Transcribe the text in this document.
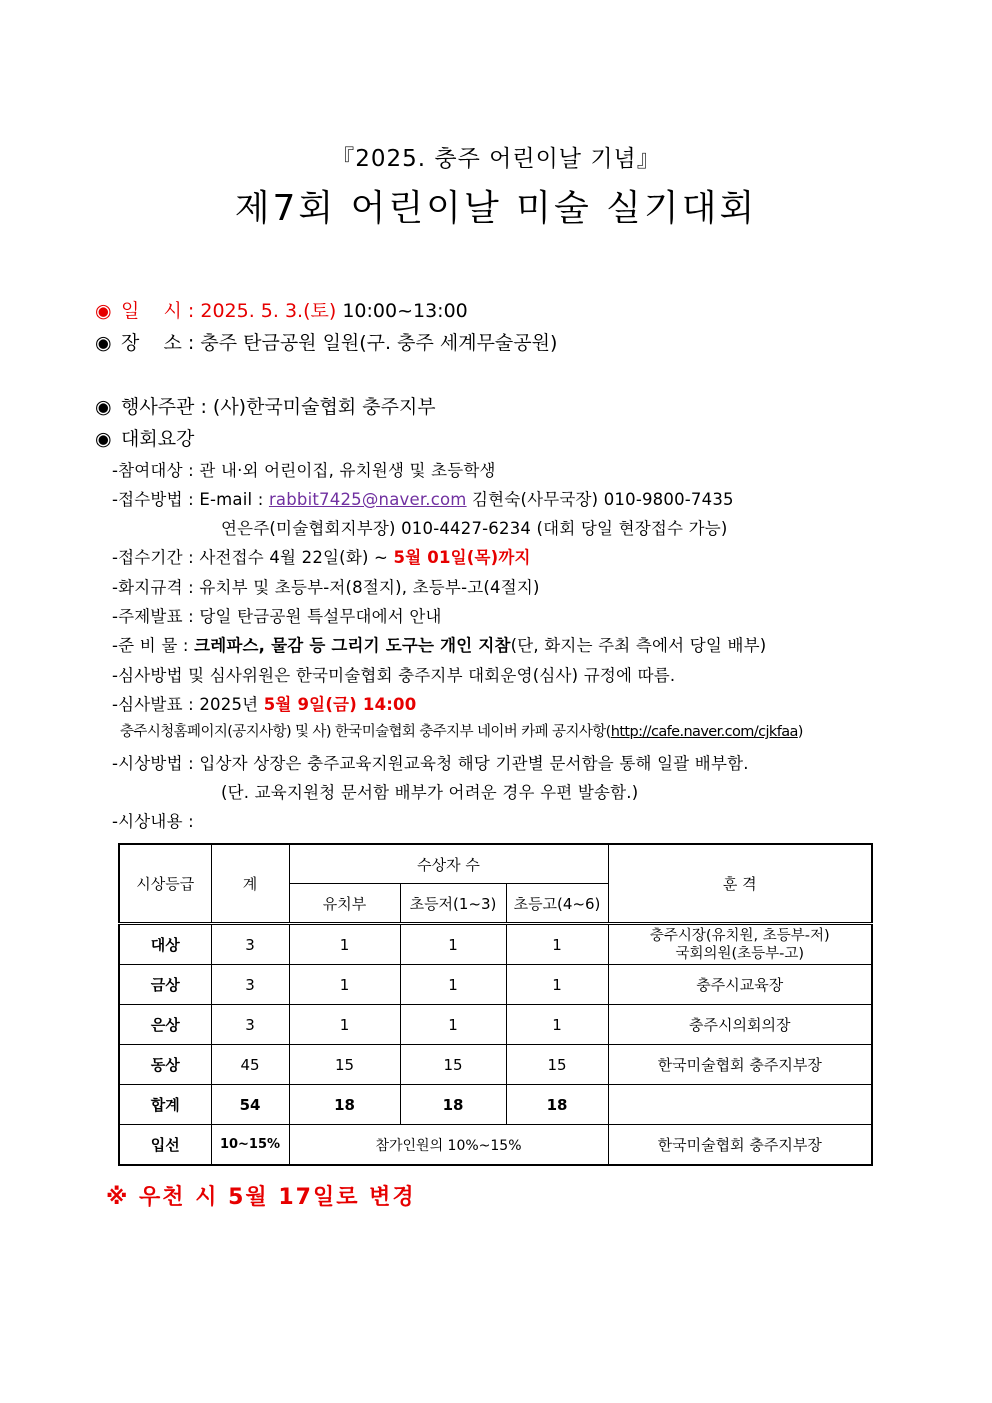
『2025. 충주 어린이날 기념』
제7회 어린이날 미술 실기대회
◉ 일    시 : 2025. 5. 3.(토) 10:00~13:00
◉ 장    소 : 충주 탄금공원 일원(구. 충주 세계무술공원)
◉ 행사주관 : (사)한국미술협회 충주지부
◉ 대회요강
-참여대상 : 관 내·외 어린이집, 유치원생 및 초등학생
-접수방법 : E-mail : rabbit7425@naver.com 김현숙(사무국장) 010-9800-7435
연은주(미술협회지부장) 010-4427-6234 (대회 당일 현장접수 가능)
-접수기간 : 사전접수 4월 22일(화) ~ 5월 01일(목)까지
-화지규격 : 유치부 및 초등부-저(8절지), 초등부-고(4절지)
-주제발표 : 당일 탄금공원 특설무대에서 안내
-준 비 물 : 크레파스, 물감 등 그리기 도구는 개인 지참(단, 화지는 주최 측에서 당일 배부)
-심사방법 및 심사위원은 한국미술협회 충주지부 대회운영(심사) 규정에 따름.
-심사발표 : 2025년 5월 9일(금) 14:00
충주시청홈페이지(공지사항) 및 사) 한국미술협회 충주지부 네이버 카페 공지사항(http://cafe.naver.com/cjkfaa)
-시상방법 : 입상자 상장은 충주교육지원교육청 해당 기관별 문서함을 통해 일괄 배부함.
(단. 교육지원청 문서함 배부가 어려운 경우 우편 발송함.)
-시상내용 :
시상등급	계	수상자 수			훈 격
		유치부	초등저(1~3)	초등고(4~6)	
대상	3	1	1	1	충주시장(유치원, 초등부-저)
국회의원(초등부-고)

금상	3	1	1	1	충주시교육장
은상	3	1	1	1	충주시의회의장
동상	45	15	15	15	한국미술협회 충주지부장
합계	54	18	18	18	
입선	10~15%	참가인원의 10%~15%			한국미술협회 충주지부장
※ 우천 시 5월 17일로 변경
